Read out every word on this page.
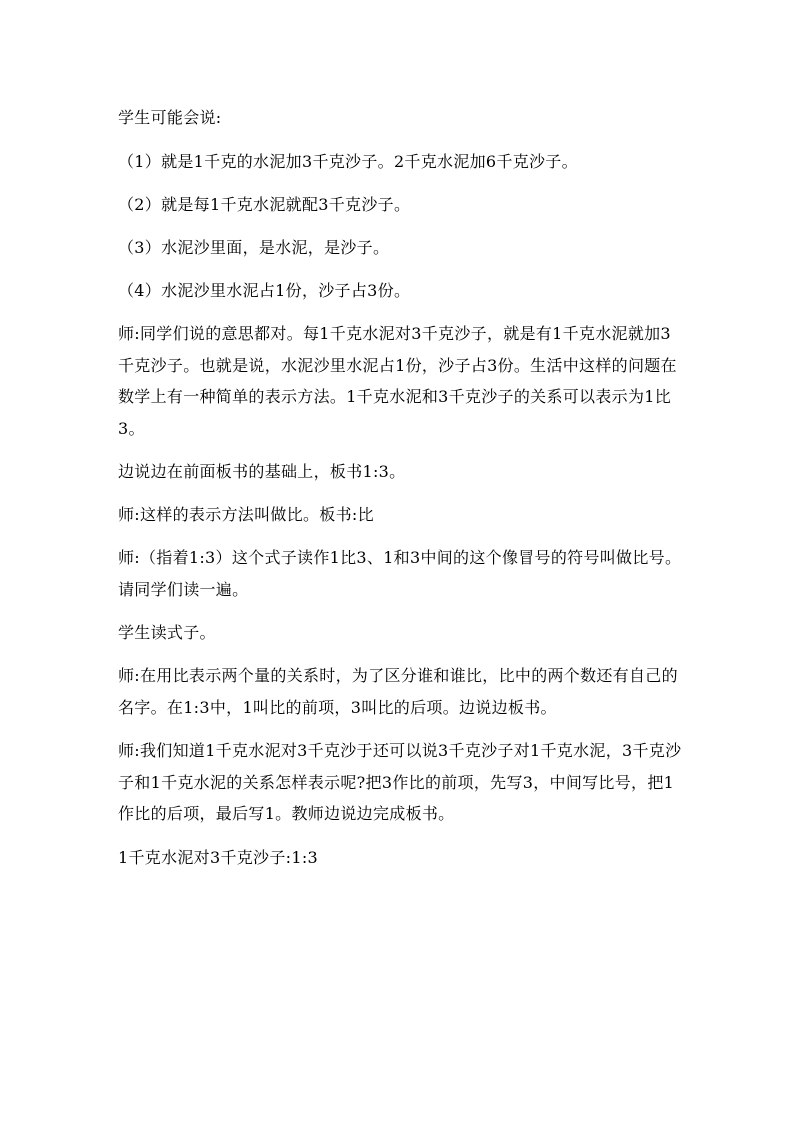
学生可能会说:

（1）就是1千克的水泥加3千克沙子。2千克水泥加6千克沙子。

（2）就是每1千克水泥就配3千克沙子。

（3）水泥沙里面，是水泥，是沙子。

（4）水泥沙里水泥占1份，沙子占3份。

师:同学们说的意思都对。每1千克水泥对3千克沙子，就是有1千克水泥就加3千克沙子。也就是说，水泥沙里水泥占1份，沙子占3份。生活中这样的问题在数学上有一种简单的表示方法。1千克水泥和3千克沙子的关系可以表示为1比3。

边说边在前面板书的基础上，板书1:3。

师:这样的表示方法叫做比。板书:比

师:（指着1:3）这个式子读作1比3、1和3中间的这个像冒号的符号叫做比号。请同学们读一遍。

学生读式子。

师:在用比表示两个量的关系时，为了区分谁和谁比，比中的两个数还有自己的名字。在1:3中，1叫比的前项，3叫比的后项。边说边板书。

师:我们知道1千克水泥对3千克沙于还可以说3千克沙子对1千克水泥，3千克沙子和1千克水泥的关系怎样表示呢?把3作比的前项，先写3，中间写比号，把1作比的后项，最后写1。教师边说边完成板书。

1千克水泥对3千克沙子:1:3
